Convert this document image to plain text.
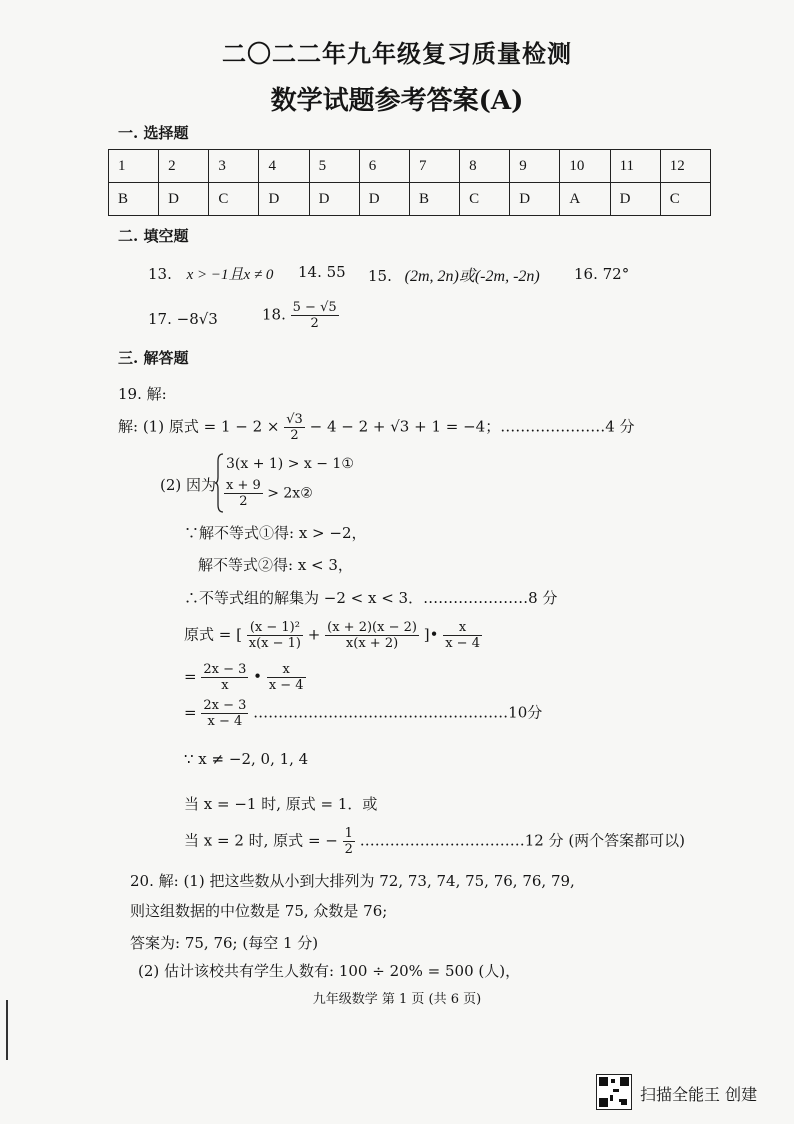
二〇二二年九年级复习质量检测
数学试题参考答案(A)
一. 选择题
1	2	3	4	5	6	7	8	9	10	11	12
B	D	C	D	D	D	B	C	D	A	D	C
二. 填空题
13. x > −1且x ≠ 0 14. 55 15. (2m, 2n)或(-2m, -2n) 16. 72°
17. −8√3	18. $\frac{5 - √5}{2}$
三. 解答题
19. 解:
解: (1) 原式 = $1 - 2 \times \frac{√3}{2} - 4 - 2 + √3 + 1 = -4$；…………………4 分
(2) 因为
3(x + 1) > x − 1①
$\frac{x + 9}{2}$ > 2x②
∵解不等式①得: x > −2，
解不等式②得: x < 3，
∴不等式组的解集为 −2 < x < 3．…………………8 分
原式 = [ $\frac{\text{(x − 1)²}}{x(x - 1)} + \frac{(x + 2)(x - 2)}{x(x + 2)}$ ]• $\frac{x}{x - 4}$
= $\frac{2x - 3}{x}$ • $\frac{x}{x - 4}$
= $\frac{2x - 3}{x - 4}$ ……………………………………………10分
∵ x ≠ −2, 0, 1, 4
当 x = −1 时, 原式 = 1．或
当 x = 2 时, 原式 = − $\frac{1}{2}$ ……………………………12 分 (两个答案都可以)
20. 解: (1) 把这些数从小到大排列为 72, 73, 74, 75, 76, 76, 79,
则这组数据的中位数是 75, 众数是 76;
答案为: 75, 76; (每空 1 分)
(2) 估计该校共有学生人数有: 100 ÷ 20% = 500 (人)，
九年级数学 第 1 页 (共 6 页)
扫描全能王 创建
